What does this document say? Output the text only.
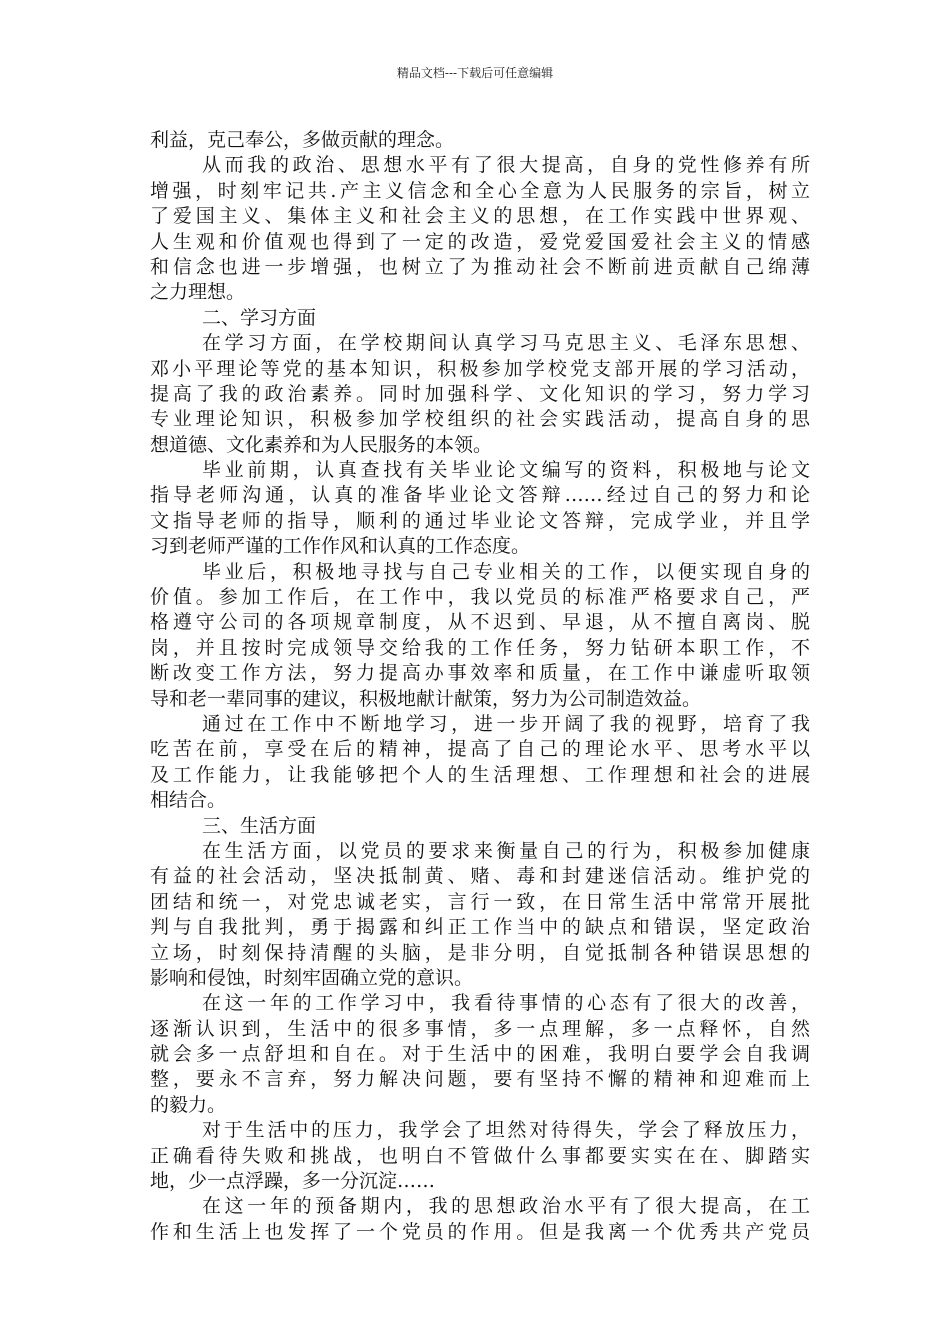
精品文档---下载后可任意编辑
利益，克己奉公，多做贡献的理念。
从而我的政治、思想水平有了很大提高，自身的党性修养有所
增强，时刻牢记共.产主义信念和全心全意为人民服务的宗旨，树立
了爱国主义、集体主义和社会主义的思想，在工作实践中世界观、
人生观和价值观也得到了一定的改造，爱党爱国爱社会主义的情感
和信念也进一步增强，也树立了为推动社会不断前进贡献自己绵薄
之力理想。
二、学习方面
在学习方面，在学校期间认真学习马克思主义、毛泽东思想、
邓小平理论等党的基本知识，积极参加学校党支部开展的学习活动，
提高了我的政治素养。同时加强科学、文化知识的学习，努力学习
专业理论知识，积极参加学校组织的社会实践活动，提高自身的思
想道德、文化素养和为人民服务的本领。
毕业前期，认真查找有关毕业论文编写的资料，积极地与论文
指导老师沟通，认真的准备毕业论文答辩……经过自己的努力和论
文指导老师的指导，顺利的通过毕业论文答辩，完成学业，并且学
习到老师严谨的工作作风和认真的工作态度。
毕业后，积极地寻找与自己专业相关的工作，以便实现自身的
价值。参加工作后，在工作中，我以党员的标准严格要求自己，严
格遵守公司的各项规章制度，从不迟到、早退，从不擅自离岗、脱
岗，并且按时完成领导交给我的工作任务，努力钻研本职工作，不
断改变工作方法，努力提高办事效率和质量，在工作中谦虚听取领
导和老一辈同事的建议，积极地献计献策，努力为公司制造效益。
通过在工作中不断地学习，进一步开阔了我的视野，培育了我
吃苦在前，享受在后的精神，提高了自己的理论水平、思考水平以
及工作能力，让我能够把个人的生活理想、工作理想和社会的进展
相结合。
三、生活方面
在生活方面，以党员的要求来衡量自己的行为，积极参加健康
有益的社会活动，坚决抵制黄、赌、毒和封建迷信活动。维护党的
团结和统一，对党忠诚老实，言行一致，在日常生活中常常开展批
判与自我批判，勇于揭露和纠正工作当中的缺点和错误，坚定政治
立场，时刻保持清醒的头脑，是非分明，自觉抵制各种错误思想的
影响和侵蚀，时刻牢固确立党的意识。
在这一年的工作学习中，我看待事情的心态有了很大的改善，
逐渐认识到，生活中的很多事情，多一点理解，多一点释怀，自然
就会多一点舒坦和自在。对于生活中的困难，我明白要学会自我调
整，要永不言弃，努力解决问题，要有坚持不懈的精神和迎难而上
的毅力。
对于生活中的压力，我学会了坦然对待得失，学会了释放压力，
正确看待失败和挑战，也明白不管做什么事都要实实在在、脚踏实
地，少一点浮躁，多一分沉淀……
在这一年的预备期内，我的思想政治水平有了很大提高，在工
作和生活上也发挥了一个党员的作用。但是我离一个优秀共产党员
